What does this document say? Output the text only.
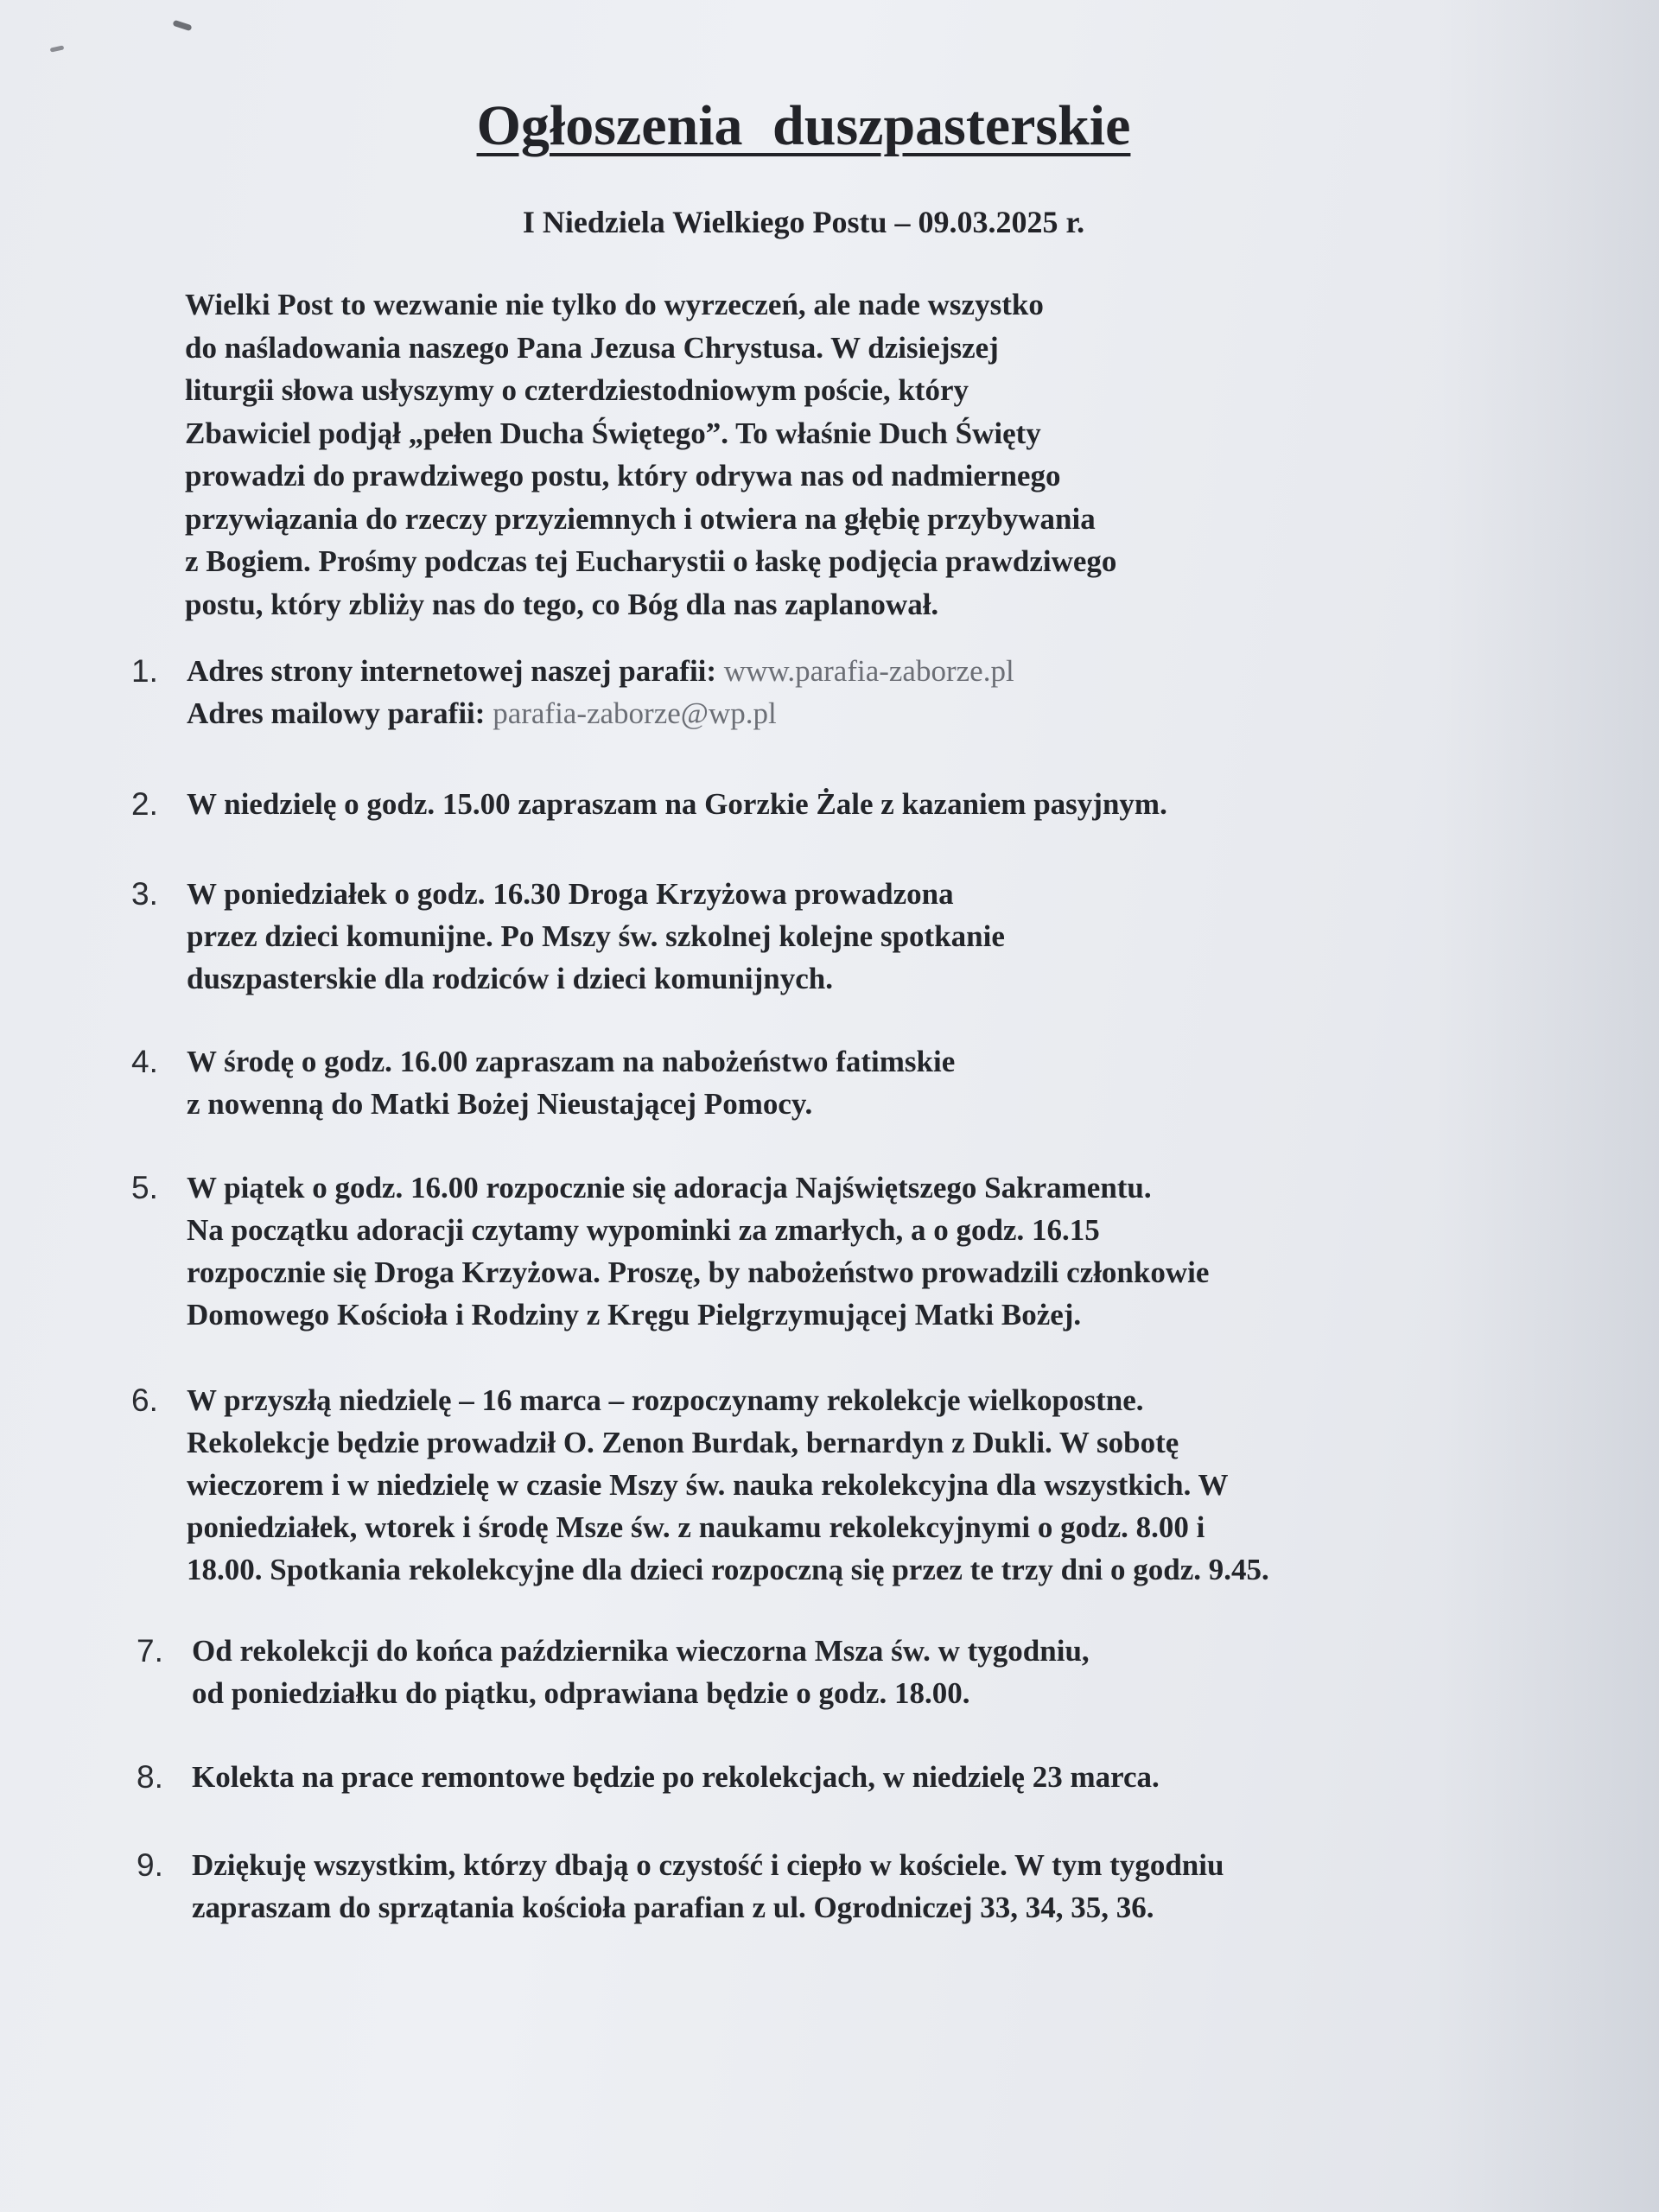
Ogłoszenia duszpasterskie
I Niedziela Wielkiego Postu – 09.03.2025 r.
Wielki Post to wezwanie nie tylko do wyrzeczeń, ale nade wszystko
do naśladowania naszego Pana Jezusa Chrystusa. W dzisiejszej
liturgii słowa usłyszymy o czterdziestodniowym poście, który
Zbawiciel podjął „pełen Ducha Świętego”. To właśnie Duch Święty
prowadzi do prawdziwego postu, który odrywa nas od nadmiernego
przywiązania do rzeczy przyziemnych i otwiera na głębię przybywania
z Bogiem. Prośmy podczas tej Eucharystii o łaskę podjęcia prawdziwego
postu, który zbliży nas do tego, co Bóg dla nas zaplanował.
1. Adres strony internetowej naszej parafii: www.parafia-zaborze.pl
Adres mailowy parafii: parafia-zaborze@wp.pl
2. W niedzielę o godz. 15.00 zapraszam na Gorzkie Żale z kazaniem pasyjnym.
3. W poniedziałek o godz. 16.30 Droga Krzyżowa prowadzona
przez dzieci komunijne. Po Mszy św. szkolnej kolejne spotkanie
duszpasterskie dla rodziców i dzieci komunijnych.
4. W środę o godz. 16.00 zapraszam na nabożeństwo fatimskie
z nowenną do Matki Bożej Nieustającej Pomocy.
5. W piątek o godz. 16.00 rozpocznie się adoracja Najświętszego Sakramentu.
Na początku adoracji czytamy wypominki za zmarłych, a o godz. 16.15
rozpocznie się Droga Krzyżowa. Proszę, by nabożeństwo prowadzili członkowie
Domowego Kościoła i Rodziny z Kręgu Pielgrzymującej Matki Bożej.
6. W przyszłą niedzielę – 16 marca – rozpoczynamy rekolekcje wielkopostne.
Rekolekcje będzie prowadził O. Zenon Burdak, bernardyn z Dukli. W sobotę
wieczorem i w niedzielę w czasie Mszy św. nauka rekolekcyjna dla wszystkich. W
poniedziałek, wtorek i środę Msze św. z naukamu rekolekcyjnymi o godz. 8.00 i
18.00. Spotkania rekolekcyjne dla dzieci rozpoczną się przez te trzy dni o godz. 9.45.
7. Od rekolekcji do końca października wieczorna Msza św. w tygodniu,
od poniedziałku do piątku, odprawiana będzie o godz. 18.00.
8. Kolekta na prace remontowe będzie po rekolekcjach, w niedzielę 23 marca.
9. Dziękuję wszystkim, którzy dbają o czystość i ciepło w kościele. W tym tygodniu
zapraszam do sprzątania kościoła parafian z ul. Ogrodniczej 33, 34, 35, 36.
